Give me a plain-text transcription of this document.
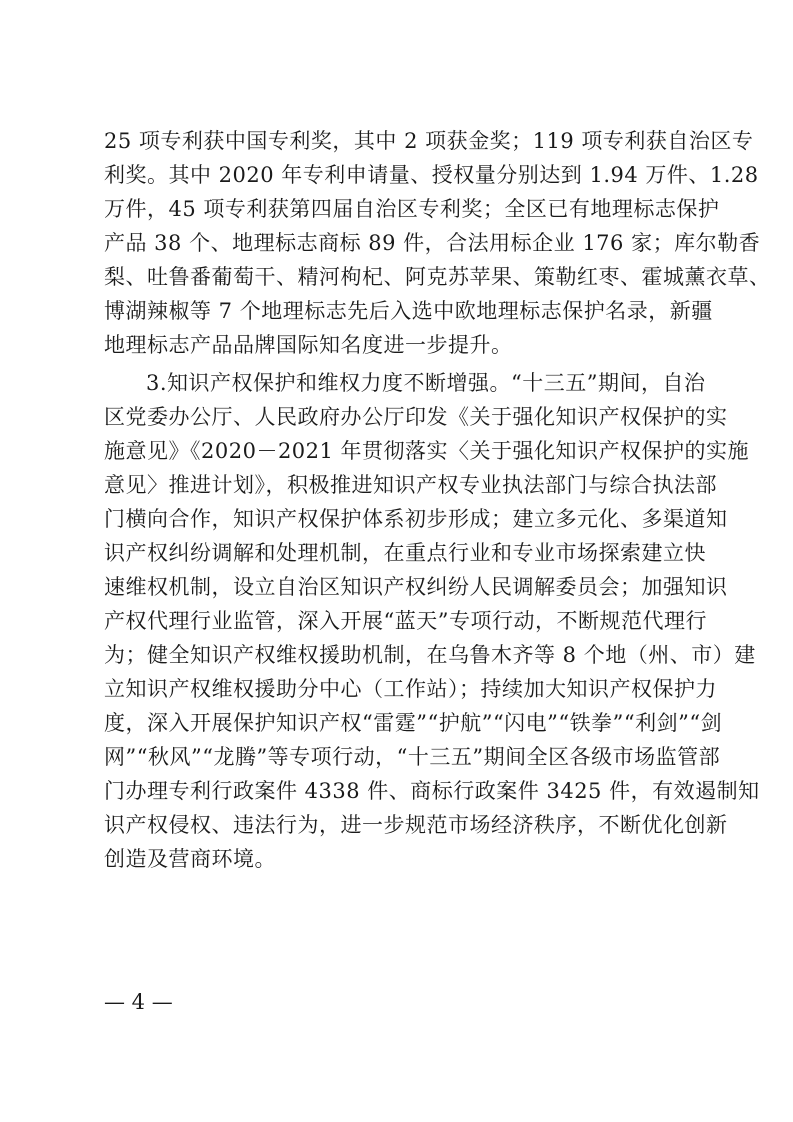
25 项专利获中国专利奖，其中 2 项获金奖；119 项专利获自治区专
利奖。其中 2020 年专利申请量、授权量分别达到 1.94 万件、1.28
万件，45 项专利获第四届自治区专利奖；全区已有地理标志保护
产品 38 个、地理标志商标 89 件，合法用标企业 176 家；库尔勒香
梨、吐鲁番葡萄干、精河枸杞、阿克苏苹果、策勒红枣、霍城薰衣草、
博湖辣椒等 7 个地理标志先后入选中欧地理标志保护名录，新疆
地理标志产品品牌国际知名度进一步提升。
3.知识产权保护和维权力度不断增强。“十三五”期间，自治
区党委办公厅、人民政府办公厅印发《关于强化知识产权保护的实
施意见》《2020－2021 年贯彻落实〈关于强化知识产权保护的实施
意见〉推进计划》，积极推进知识产权专业执法部门与综合执法部
门横向合作，知识产权保护体系初步形成；建立多元化、多渠道知
识产权纠纷调解和处理机制，在重点行业和专业市场探索建立快
速维权机制，设立自治区知识产权纠纷人民调解委员会；加强知识
产权代理行业监管，深入开展“蓝天”专项行动，不断规范代理行
为；健全知识产权维权援助机制，在乌鲁木齐等 8 个地（州、市）建
立知识产权维权援助分中心（工作站）；持续加大知识产权保护力
度，深入开展保护知识产权“雷霆”“护航”“闪电”“铁拳”“利剑”“剑
网”“秋风”“龙腾”等专项行动，“十三五”期间全区各级市场监管部
门办理专利行政案件 4338 件、商标行政案件 3425 件，有效遏制知
识产权侵权、违法行为，进一步规范市场经济秩序，不断优化创新
创造及营商环境。
— 4 —
